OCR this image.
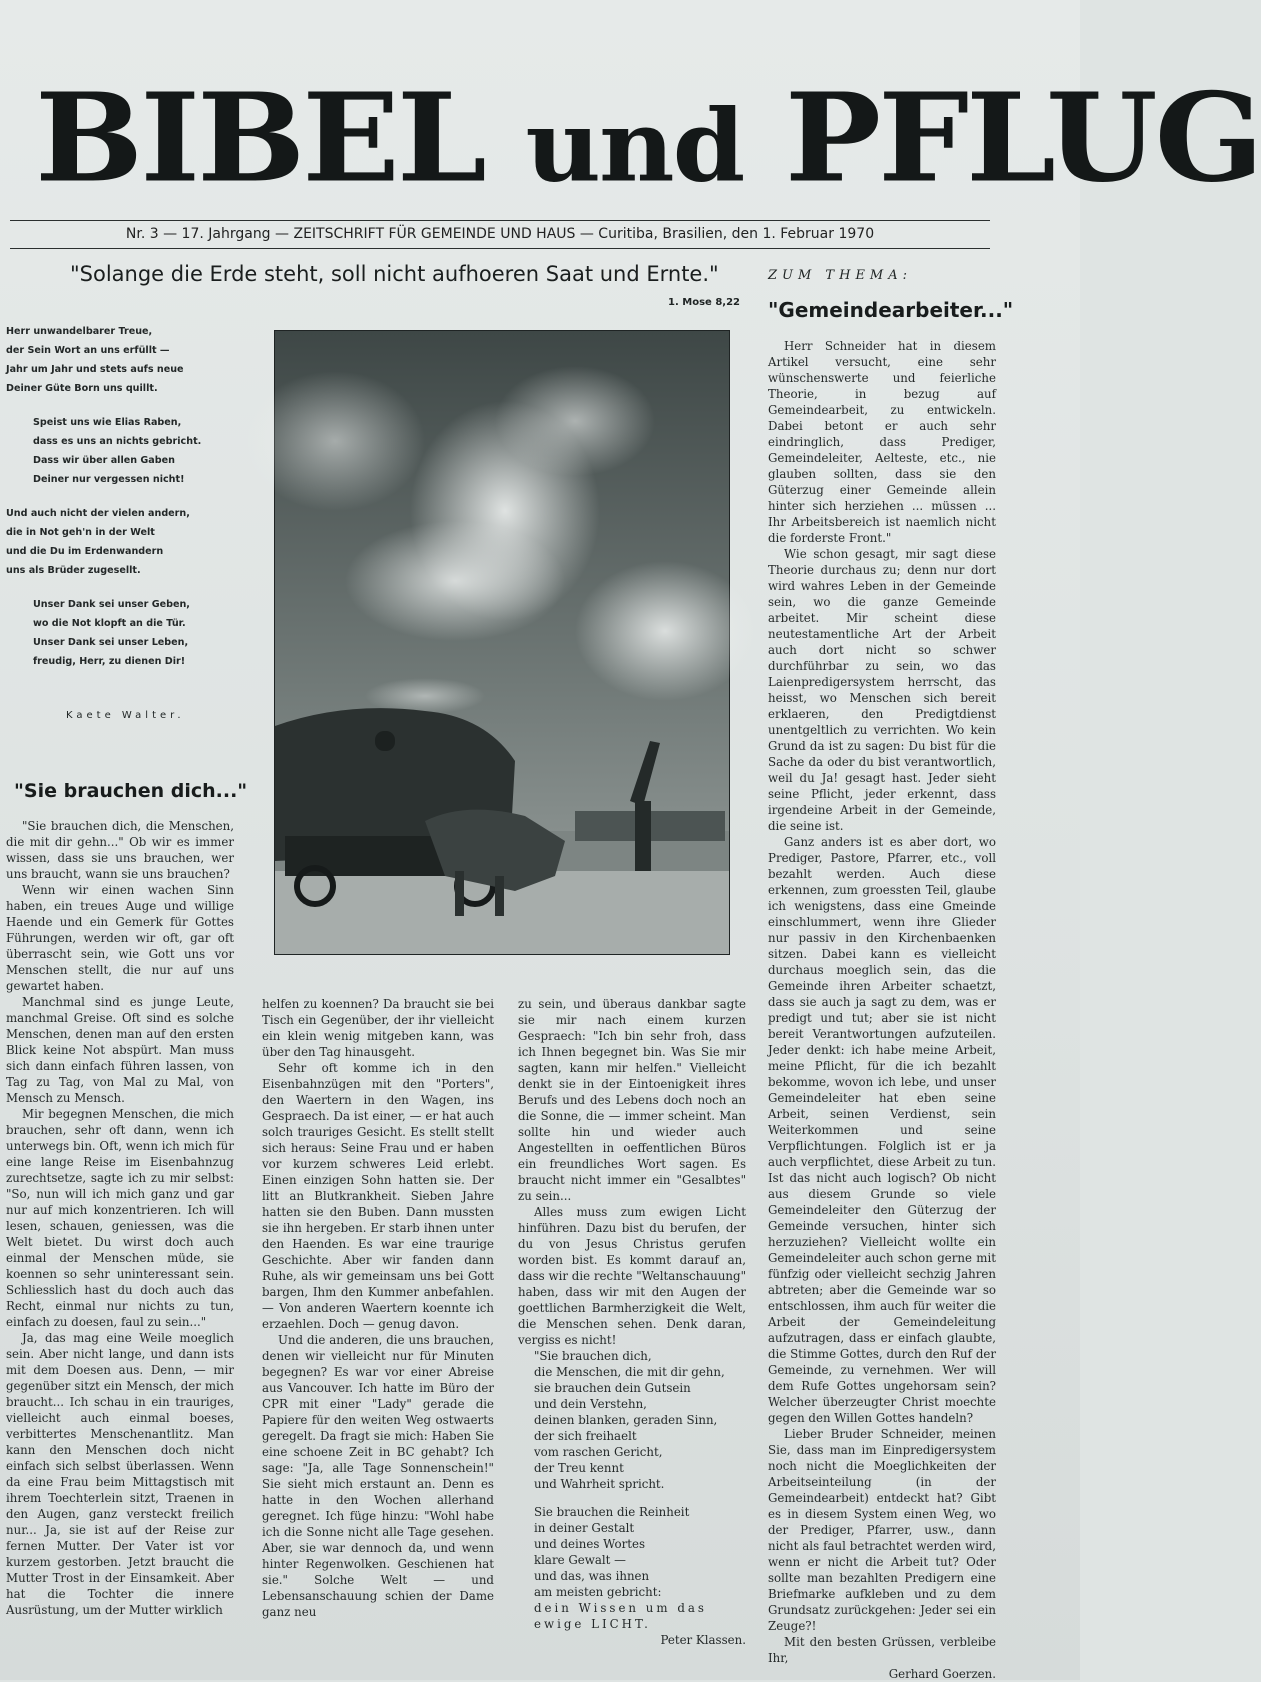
BIBEL und PFLUG
Nr. 3 — 17. Jahrgang — ZEITSCHRIFT FÜR GEMEINDE UND HAUS — Curitiba, Brasilien, den 1. Februar 1970
"Solange die Erde steht, soll nicht aufhoeren Saat und Ernte."
1. Mose 8,22
ZUM THEMA:
"Gemeindearbeiter..."

Herr unwandelbarer Treue,
der Sein Wort an uns erfüllt —
Jahr um Jahr und stets aufs neue
Deiner Güte Born uns quillt.

Speist uns wie Elias Raben,
dass es uns an nichts gebricht.
Dass wir über allen Gaben
Deiner nur vergessen nicht!

Und auch nicht der vielen andern,
die in Not geh'n in der Welt
und die Du im Erdenwandern
uns als Brüder zugesellt.

Unser Dank sei unser Geben,
wo die Not klopft an die Tür.
Unser Dank sei unser Leben,
freudig, Herr, zu dienen Dir!

Kaete Walter.
"Sie brauchen dich..."

"Sie brauchen dich, die Menschen, die mit dir gehn..." Ob wir es immer wissen, dass sie uns brauchen, wer uns braucht, wann sie uns brauchen?

Wenn wir einen wachen Sinn haben, ein treues Auge und willige Haende und ein Gemerk für Gottes Führungen, werden wir oft, gar oft überrascht sein, wie Gott uns vor Menschen stellt, die nur auf uns gewartet haben.

Manchmal sind es junge Leute, manchmal Greise. Oft sind es solche Menschen, denen man auf den ersten Blick keine Not abspürt. Man muss sich dann einfach führen lassen, von Tag zu Tag, von Mal zu Mal, von Mensch zu Mensch.

Mir begegnen Menschen, die mich brauchen, sehr oft dann, wenn ich unterwegs bin. Oft, wenn ich mich für eine lange Reise im Eisenbahnzug zurechtsetze, sagte ich zu mir selbst: "So, nun will ich mich ganz und gar nur auf mich konzentrieren. Ich will lesen, schauen, geniessen, was die Welt bietet. Du wirst doch auch einmal der Menschen müde, sie koennen so sehr uninteressant sein. Schliesslich hast du doch auch das Recht, einmal nur nichts zu tun, einfach zu doesen, faul zu sein..."

Ja, das mag eine Weile moeglich sein. Aber nicht lange, und dann ists mit dem Doesen aus. Denn, — mir gegenüber sitzt ein Mensch, der mich braucht... Ich schau in ein trauriges, vielleicht auch einmal boeses, verbittertes Menschenantlitz. Man kann den Menschen doch nicht einfach sich selbst überlassen. Wenn da eine Frau beim Mittagstisch mit ihrem Toechterlein sitzt, Traenen in den Augen, ganz versteckt freilich nur... Ja, sie ist auf der Reise zur fernen Mutter. Der Vater ist vor kurzem gestorben. Jetzt braucht die Mutter Trost in der Einsamkeit. Aber hat die Tochter die innere Ausrüstung, um der Mutter wirklich

helfen zu koennen? Da braucht sie bei Tisch ein Gegenüber, der ihr vielleicht ein klein wenig mitgeben kann, was über den Tag hinausgeht.

Sehr oft komme ich in den Eisenbahnzügen mit den "Porters", den Waertern in den Wagen, ins Gespraech. Da ist einer, — er hat auch solch trauriges Gesicht. Es stellt stellt sich heraus: Seine Frau und er haben vor kurzem schweres Leid erlebt. Einen einzigen Sohn hatten sie. Der litt an Blutkrankheit. Sieben Jahre hatten sie den Buben. Dann mussten sie ihn hergeben. Er starb ihnen unter den Haenden. Es war eine traurige Geschichte. Aber wir fanden dann Ruhe, als wir gemeinsam uns bei Gott bargen, Ihm den Kummer anbefahlen. — Von anderen Waertern koennte ich erzaehlen. Doch — genug davon.

Und die anderen, die uns brauchen, denen wir vielleicht nur für Minuten begegnen? Es war vor einer Abreise aus Vancouver. Ich hatte im Büro der CPR mit einer "Lady" gerade die Papiere für den weiten Weg ostwaerts geregelt. Da fragt sie mich: Haben Sie eine schoene Zeit in BC gehabt? Ich sage: "Ja, alle Tage Sonnenschein!" Sie sieht mich erstaunt an. Denn es hatte in den Wochen allerhand geregnet. Ich füge hinzu: "Wohl habe ich die Sonne nicht alle Tage gesehen. Aber, sie war dennoch da, und wenn hinter Regenwolken. Geschienen hat sie." Solche Welt — und Lebensanschauung schien der Dame ganz neu

zu sein, und überaus dankbar sagte sie mir nach einem kurzen Gespraech: "Ich bin sehr froh, dass ich Ihnen begegnet bin. Was Sie mir sagten, kann mir helfen." Vielleicht denkt sie in der Eintoenigkeit ihres Berufs und des Lebens doch noch an die Sonne, die — immer scheint. Man sollte hin und wieder auch Angestellten in oeffentlichen Büros ein freundliches Wort sagen. Es braucht nicht immer ein "Gesalbtes" zu sein...

Alles muss zum ewigen Licht hinführen. Dazu bist du berufen, der du von Jesus Christus gerufen worden bist. Es kommt darauf an, dass wir die rechte "Weltanschauung" haben, dass wir mit den Augen der goettlichen Barmherzigkeit die Welt, die Menschen sehen. Denk daran, vergiss es nicht!

"Sie brauchen dich,
die Menschen, die mit dir gehn,
sie brauchen dein Gutsein
und dein Verstehn,
deinen blanken, geraden Sinn,
der sich freihaelt
vom raschen Gericht,
der Treu kennt
und Wahrheit spricht.
Sie brauchen die Reinheit
in deiner Gestalt
und deines Wortes
klare Gewalt —
und das, was ihnen
am meisten gebricht:
dein Wissen um das
ewige LICHT.
Peter Klassen.

Herr Schneider hat in diesem Artikel versucht, eine sehr wünschenswerte und feierliche Theorie, in bezug auf Gemeindearbeit, zu entwickeln. Dabei betont er auch sehr eindringlich, dass Prediger, Gemeindeleiter, Aelteste, etc., nie glauben sollten, dass sie den Güterzug einer Gemeinde allein hinter sich herziehen ... müssen ... Ihr Arbeitsbereich ist naemlich nicht die forderste Front."

Wie schon gesagt, mir sagt diese Theorie durchaus zu; denn nur dort wird wahres Leben in der Gemeinde sein, wo die ganze Gemeinde arbeitet. Mir scheint diese neutestamentliche Art der Arbeit auch dort nicht so schwer durchführbar zu sein, wo das Laienpredigersystem herrscht, das heisst, wo Menschen sich bereit erklaeren, den Predigtdienst unentgeltlich zu verrichten. Wo kein Grund da ist zu sagen: Du bist für die Sache da oder du bist verantwortlich, weil du Ja! gesagt hast. Jeder sieht seine Pflicht, jeder erkennt, dass irgendeine Arbeit in der Gemeinde, die seine ist.

Ganz anders ist es aber dort, wo Prediger, Pastore, Pfarrer, etc., voll bezahlt werden. Auch diese erkennen, zum groessten Teil, glaube ich wenigstens, dass eine Gmeinde einschlummert, wenn ihre Glieder nur passiv in den Kirchenbaenken sitzen. Dabei kann es vielleicht durchaus moeglich sein, das die Gemeinde ihren Arbeiter schaetzt, dass sie auch ja sagt zu dem, was er predigt und tut; aber sie ist nicht bereit Verantwortungen aufzuteilen. Jeder denkt: ich habe meine Arbeit, meine Pflicht, für die ich bezahlt bekomme, wovon ich lebe, und unser Gemeindeleiter hat eben seine Arbeit, seinen Verdienst, sein Weiterkommen und seine Verpflichtungen. Folglich ist er ja auch verpflichtet, diese Arbeit zu tun. Ist das nicht auch logisch? Ob nicht aus diesem Grunde so viele Gemeindeleiter den Güterzug der Gemeinde versuchen, hinter sich herzuziehen? Vielleicht wollte ein Gemeindeleiter auch schon gerne mit fünfzig oder vielleicht sechzig Jahren abtreten; aber die Gemeinde war so entschlossen, ihm auch für weiter die Arbeit der Gemeindeleitung aufzutragen, dass er einfach glaubte, die Stimme Gottes, durch den Ruf der Gemeinde, zu vernehmen. Wer will dem Rufe Gottes ungehorsam sein? Welcher überzeugter Christ moechte gegen den Willen Gottes handeln?

Lieber Bruder Schneider, meinen Sie, dass man im Einpredigersystem noch nicht die Moeglichkeiten der Arbeitseinteilung (in der Gemeindearbeit) entdeckt hat? Gibt es in diesem System einen Weg, wo der Prediger, Pfarrer, usw., dann nicht als faul betrachtet werden wird, wenn er nicht die Arbeit tut? Oder sollte man bezahlten Predigern eine Briefmarke aufkleben und zu dem Grundsatz zurückgehen: Jeder sei ein Zeuge?!

Mit den besten Grüssen, verbleibe Ihr,

Gerhard Goerzen.
